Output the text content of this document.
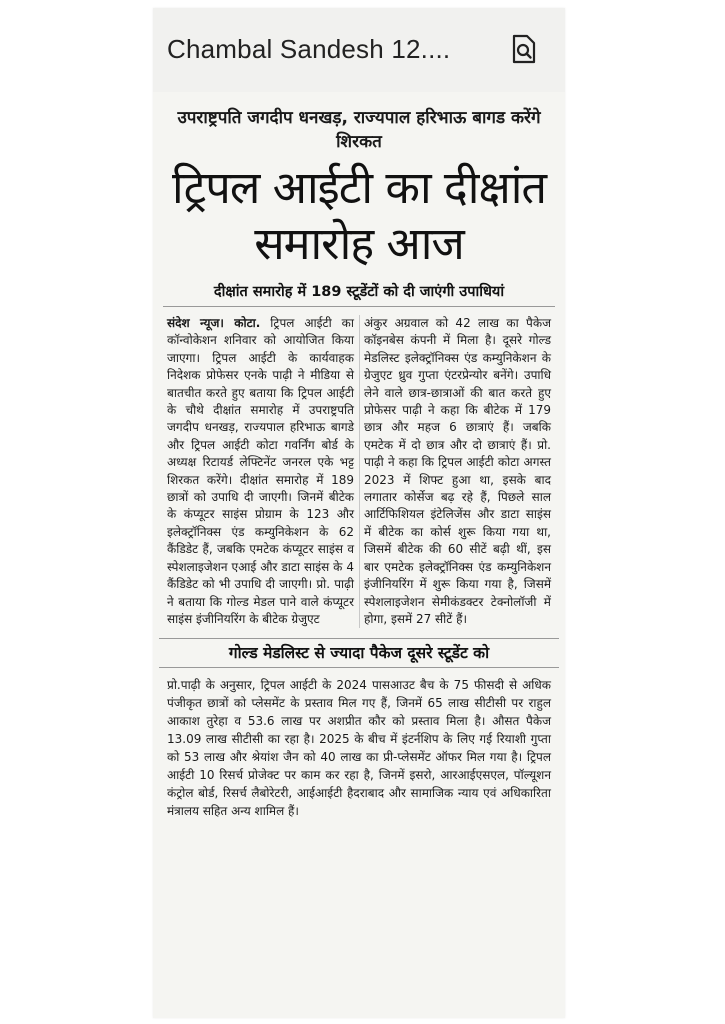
Chambal Sandesh 12....
उपराष्ट्रपति जगदीप धनखड़, राज्यपाल हरिभाऊ बागड करेंगे शिरकत
ट्रिपल आईटी का दीक्षांत समारोह आज
दीक्षांत समारोह में 189 स्टूडेंटों को दी जाएंगी उपाधियां
संदेश न्यूज। कोटा. ट्रिपल आईटी का कॉन्वोकेशन शनिवार को आयोजित किया जाएगा। ट्रिपल आईटी के कार्यवाहक निदेशक प्रोफेसर एनके पाढ़ी ने मीडिया से बातचीत करते हुए बताया कि ट्रिपल आईटी के चौथे दीक्षांत समारोह में उपराष्ट्रपति जगदीप धनखड़, राज्यपाल हरिभाऊ बागडे और ट्रिपल आईटी कोटा गवर्निंग बोर्ड के अध्यक्ष रिटायर्ड लेफ्टिनेंट जनरल एके भट्ट शिरकत करेंगे। दीक्षांत समारोह में 189 छात्रों को उपाधि दी जाएगी। जिनमें बीटेक के कंप्यूटर साइंस प्रोग्राम के 123 और इलेक्ट्रॉनिक्स एंड कम्युनिकेशन के 62 कैंडिडेट हैं, जबकि एमटेक कंप्यूटर साइंस व स्पेशलाइजेशन एआई और डाटा साइंस के 4 कैंडिडेट को भी उपाधि दी जाएगी। प्रो. पाढ़ी ने बताया कि गोल्ड मेडल पाने वाले कंप्यूटर साइंस इंजीनियरिंग के बीटेक ग्रेजुएट
अंकुर अग्रवाल को 42 लाख का पैकेज कॉइनबेस कंपनी में मिला है। दूसरे गोल्ड मेडलिस्ट इलेक्ट्रॉनिक्स एंड कम्युनिकेशन के ग्रेजुएट ध्रुव गुप्ता एंटरप्रेन्योर बनेंगे। उपाधि लेने वाले छात्र-छात्राओं की बात करते हुए प्रोफेसर पाढ़ी ने कहा कि बीटेक में 179 छात्र और महज 6 छात्राएं हैं। जबकि एमटेक में दो छात्र और दो छात्राएं हैं। प्रो. पाढ़ी ने कहा कि ट्रिपल आईटी कोटा अगस्त 2023 में शिफ्ट हुआ था, इसके बाद लगातार कोर्सेज बढ़ रहे हैं, पिछले साल आर्टिफिशियल इंटेलिजेंस और डाटा साइंस में बीटेक का कोर्स शुरू किया गया था, जिसमें बीटेक की 60 सीटें बढ़ी थीं, इस बार एमटेक इलेक्ट्रॉनिक्स एंड कम्युनिकेशन इंजीनियरिंग में शुरू किया गया है, जिसमें स्पेशलाइजेशन सेमीकंडक्टर टेक्नोलॉजी में होगा, इसमें 27 सीटें हैं।
गोल्ड मेडलिस्ट से ज्यादा पैकेज दूसरे स्टूडेंट को
प्रो.पाढ़ी के अनुसार, ट्रिपल आईटी के 2024 पासआउट बैच के 75 फीसदी से अधिक पंजीकृत छात्रों को प्लेसमेंट के प्रस्ताव मिल गए हैं, जिनमें 65 लाख सीटीसी पर राहुल आकाश तुरेहा व 53.6 लाख पर अशप्रीत कौर को प्रस्ताव मिला है। औसत पैकेज 13.09 लाख सीटीसी का रहा है। 2025 के बीच में इंटर्नशिप के लिए गई रियाशी गुप्ता को 53 लाख और श्रेयांश जैन को 40 लाख का प्री-प्लेसमेंट ऑफर मिल गया है। ट्रिपल आईटी 10 रिसर्च प्रोजेक्ट पर काम कर रहा है, जिनमें इसरो, आरआईएसएल, पॉल्यूशन कंट्रोल बोर्ड, रिसर्च लैबोरेटरी, आईआईटी हैदराबाद और सामाजिक न्याय एवं अधिकारिता मंत्रालय सहित अन्य शामिल हैं।
